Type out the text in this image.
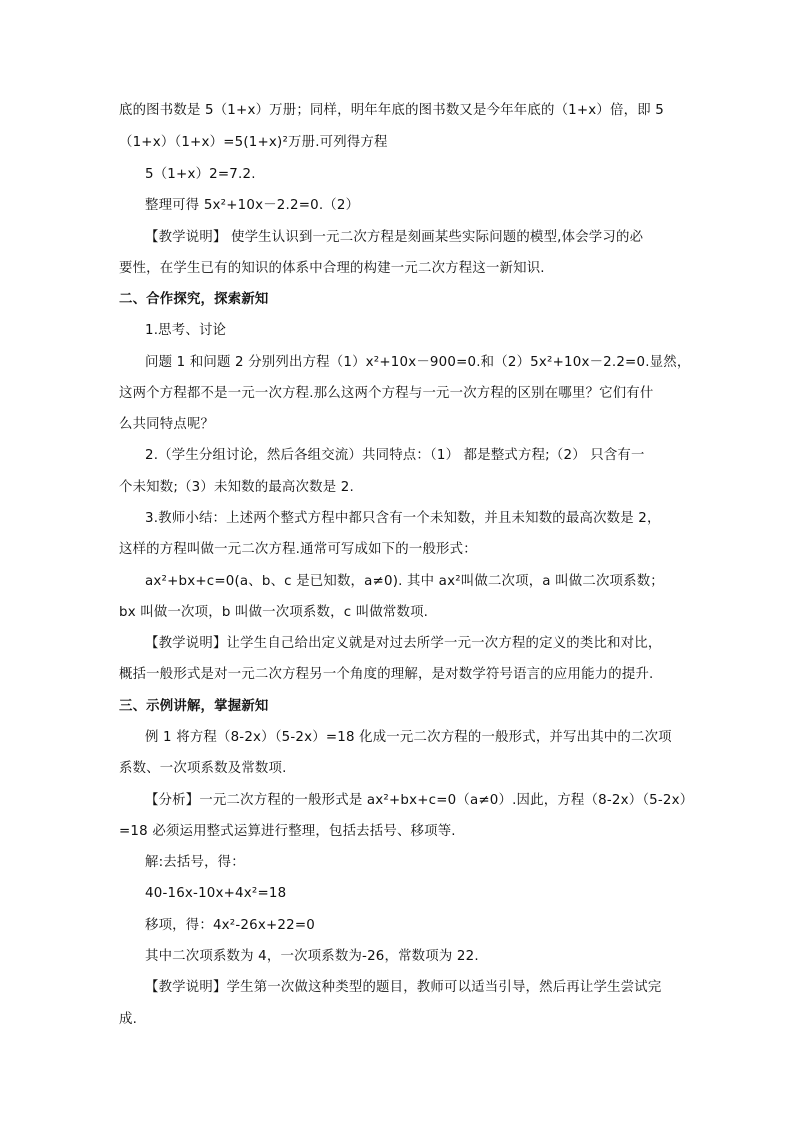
底的图书数是 5（1+x）万册；同样，明年年底的图书数又是今年年底的（1+x）倍，即 5
（1+x）（1+x）=5(1+x)²万册.可列得方程
5（1+x）2=7.2.
整理可得 5x²+10x－2.2=0.（2）
【教学说明】 使学生认识到一元二次方程是刻画某些实际问题的模型,体会学习的必
要性，在学生已有的知识的体系中合理的构建一元二次方程这一新知识.
二、合作探究，探索新知
1.思考、讨论
问题 1 和问题 2 分别列出方程（1）x²+10x－900=0.和（2）5x²+10x－2.2=0.显然，
这两个方程都不是一元一次方程.那么这两个方程与一元一次方程的区别在哪里？它们有什
么共同特点呢？
2.（学生分组讨论，然后各组交流）共同特点：（1） 都是整式方程;（2） 只含有一
个未知数;（3）未知数的最高次数是 2.
3.教师小结：上述两个整式方程中都只含有一个未知数，并且未知数的最高次数是 2，
这样的方程叫做一元二次方程.通常可写成如下的一般形式：
ax²+bx+c=0(a、b、c 是已知数，a≠0). 其中 ax²叫做二次项，a 叫做二次项系数；
bx 叫做一次项，b 叫做一次项系数，c 叫做常数项.
【教学说明】让学生自己给出定义就是对过去所学一元一次方程的定义的类比和对比，
概括一般形式是对一元二次方程另一个角度的理解，是对数学符号语言的应用能力的提升.
三、示例讲解，掌握新知
例 1 将方程（8-2x）（5-2x）=18 化成一元二次方程的一般形式，并写出其中的二次项
系数、一次项系数及常数项.
【分析】一元二次方程的一般形式是 ax²+bx+c=0（a≠0）.因此，方程（8-2x）（5-2x）
=18 必须运用整式运算进行整理，包括去括号、移项等.
解:去括号，得：
40-16x-10x+4x²=18
移项，得：4x²-26x+22=0
其中二次项系数为 4，一次项系数为-26，常数项为 22.
【教学说明】学生第一次做这种类型的题目，教师可以适当引导，然后再让学生尝试完
成.
